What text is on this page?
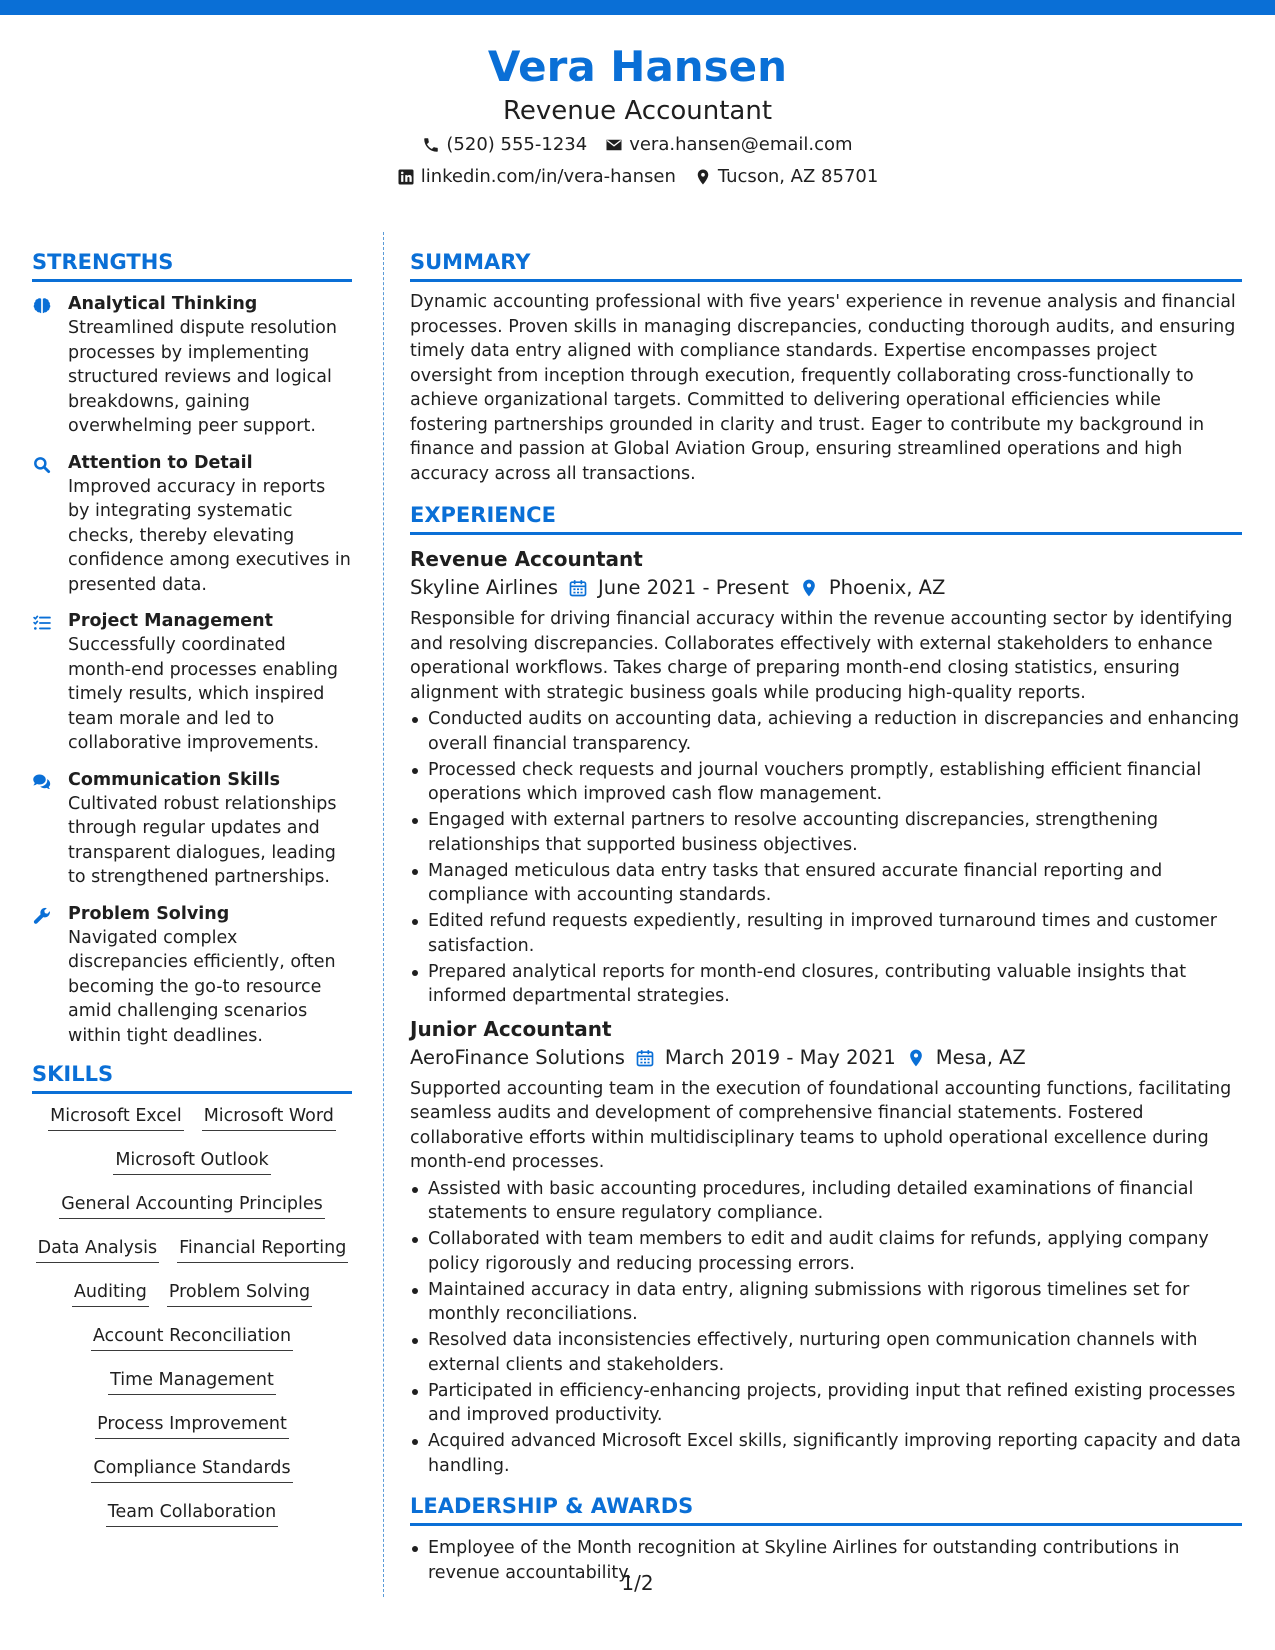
Vera Hansen
Revenue Accountant
(520) 555-1234 vera.hansen@email.com
linkedin.com/in/vera-hansen Tucson, AZ 85701
STRENGTHS
Analytical Thinking
Streamlined dispute resolution processes by implementing structured reviews and logical breakdowns, gaining overwhelming peer support.
Attention to Detail
Improved accuracy in reports by integrating systematic checks, thereby elevating confidence among executives in presented data.
Project Management
Successfully coordinated month-end processes enabling timely results, which inspired team morale and led to collaborative improvements.
Communication Skills
Cultivated robust relationships through regular updates and transparent dialogues, leading to strengthened partnerships.
Problem Solving
Navigated complex discrepancies efficiently, often becoming the go-to resource amid challenging scenarios within tight deadlines.
SKILLS
Microsoft Excel Microsoft Word
Microsoft Outlook
General Accounting Principles
Data Analysis Financial Reporting
Auditing Problem Solving
Account Reconciliation
Time Management
Process Improvement
Compliance Standards
Team Collaboration
SUMMARY
Dynamic accounting professional with five years' experience in revenue analysis and financial processes. Proven skills in managing discrepancies, conducting thorough audits, and ensuring timely data entry aligned with compliance standards. Expertise encompasses project oversight from inception through execution, frequently collaborating cross-functionally to achieve organizational targets. Committed to delivering operational efficiencies while fostering partnerships grounded in clarity and trust. Eager to contribute my background in finance and passion at Global Aviation Group, ensuring streamlined operations and high accuracy across all transactions.
EXPERIENCE
Revenue Accountant
Skyline Airlines June 2021 - Present Phoenix, AZ
Responsible for driving financial accuracy within the revenue accounting sector by identifying and resolving discrepancies. Collaborates effectively with external stakeholders to enhance operational workflows. Takes charge of preparing month-end closing statistics, ensuring alignment with strategic business goals while producing high-quality reports.
Conducted audits on accounting data, achieving a reduction in discrepancies and enhancing overall financial transparency.
Processed check requests and journal vouchers promptly, establishing efficient financial operations which improved cash flow management.
Engaged with external partners to resolve accounting discrepancies, strengthening relationships that supported business objectives.
Managed meticulous data entry tasks that ensured accurate financial reporting and compliance with accounting standards.
Edited refund requests expediently, resulting in improved turnaround times and customer satisfaction.
Prepared analytical reports for month-end closures, contributing valuable insights that informed departmental strategies.
Junior Accountant
AeroFinance Solutions March 2019 - May 2021 Mesa, AZ
Supported accounting team in the execution of foundational accounting functions, facilitating seamless audits and development of comprehensive financial statements. Fostered collaborative efforts within multidisciplinary teams to uphold operational excellence during month-end processes.
Assisted with basic accounting procedures, including detailed examinations of financial statements to ensure regulatory compliance.
Collaborated with team members to edit and audit claims for refunds, applying company policy rigorously and reducing processing errors.
Maintained accuracy in data entry, aligning submissions with rigorous timelines set for monthly reconciliations.
Resolved data inconsistencies effectively, nurturing open communication channels with external clients and stakeholders.
Participated in efficiency-enhancing projects, providing input that refined existing processes and improved productivity.
Acquired advanced Microsoft Excel skills, significantly improving reporting capacity and data handling.
LEADERSHIP & AWARDS
Employee of the Month recognition at Skyline Airlines for outstanding contributions in revenue accountability.
1/2
